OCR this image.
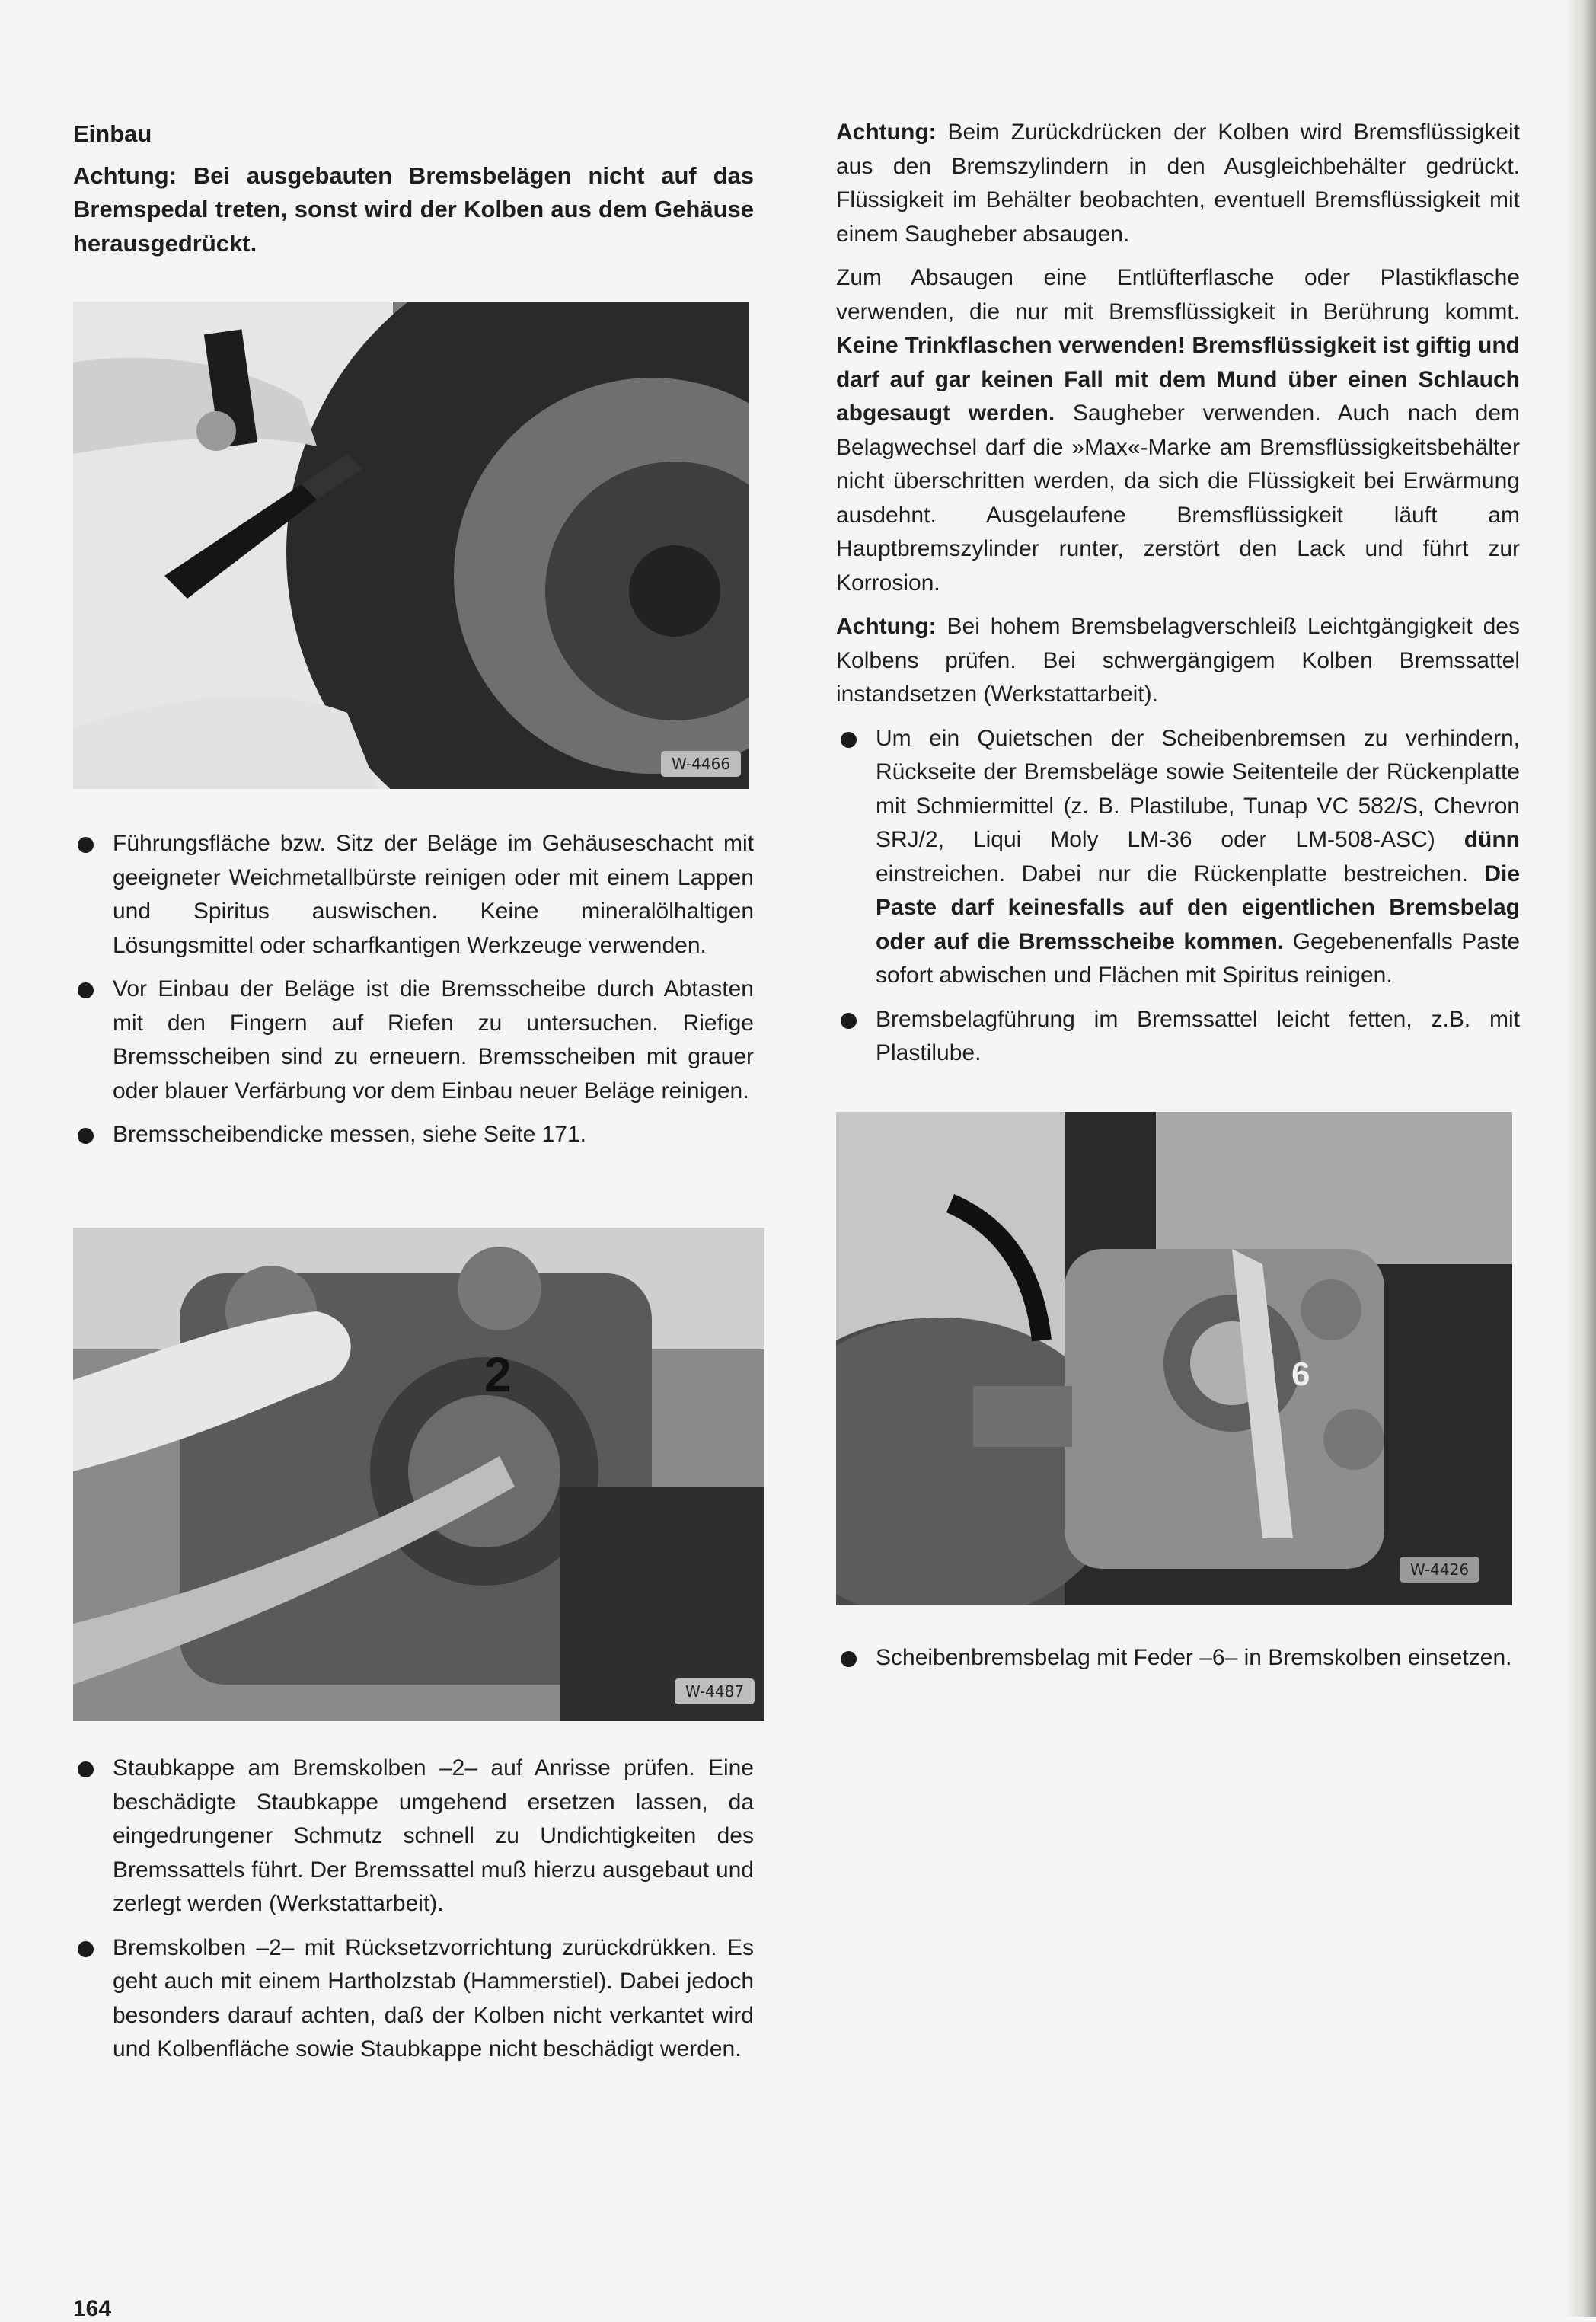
Einbau

Achtung: Bei ausgebauten Bremsbelägen nicht auf das Bremspedal treten, sonst wird der Kolben aus dem Gehäuse herausgedrückt.

W-4466
Führungsfläche bzw. Sitz der Beläge im Gehäuseschacht mit geeigneter Weichmetallbürste reinigen oder mit einem Lappen und Spiritus auswischen. Keine mineralölhaltigen Lösungsmittel oder scharfkantigen Werkzeuge verwenden.
Vor Einbau der Beläge ist die Bremsscheibe durch Abtasten mit den Fingern auf Riefen zu untersuchen. Riefige Bremsscheiben sind zu erneuern. Bremsscheiben mit grauer oder blauer Verfärbung vor dem Einbau neuer Beläge reinigen.
Bremsscheibendicke messen, siehe Seite 171.
2
W-4487
Staubkappe am Bremskolben –2– auf Anrisse prüfen. Eine beschädigte Staubkappe umgehend ersetzen lassen, da eingedrungener Schmutz schnell zu Undichtigkeiten des Bremssattels führt. Der Bremssattel muß hierzu ausgebaut und zerlegt werden (Werkstattarbeit).
Bremskolben –2– mit Rücksetzvorrichtung zurückdrükken. Es geht auch mit einem Hartholzstab (Hammerstiel). Dabei jedoch besonders darauf achten, daß der Kolben nicht verkantet wird und Kolbenfläche sowie Staubkappe nicht beschädigt werden.

Achtung: Beim Zurückdrücken der Kolben wird Bremsflüssigkeit aus den Bremszylindern in den Ausgleichbehälter gedrückt. Flüssigkeit im Behälter beobachten, eventuell Bremsflüssigkeit mit einem Saugheber absaugen.

Zum Absaugen eine Entlüfterflasche oder Plastikflasche verwenden, die nur mit Bremsflüssigkeit in Berührung kommt. Keine Trinkflaschen verwenden! Bremsflüssigkeit ist giftig und darf auf gar keinen Fall mit dem Mund über einen Schlauch abgesaugt werden. Saugheber verwenden. Auch nach dem Belagwechsel darf die »Max«-Marke am Bremsflüssigkeitsbehälter nicht überschritten werden, da sich die Flüssigkeit bei Erwärmung ausdehnt. Ausgelaufene Bremsflüssigkeit läuft am Hauptbremszylinder runter, zerstört den Lack und führt zur Korrosion.

Achtung: Bei hohem Bremsbelagverschleiß Leichtgängigkeit des Kolbens prüfen. Bei schwergängigem Kolben Bremssattel instandsetzen (Werkstattarbeit).

Um ein Quietschen der Scheibenbremsen zu verhindern, Rückseite der Bremsbeläge sowie Seitenteile der Rückenplatte mit Schmiermittel (z. B. Plastilube, Tunap VC 582/S, Chevron SRJ/2, Liqui Moly LM-36 oder LM-508-ASC) dünn einstreichen. Dabei nur die Rückenplatte bestreichen. Die Paste darf keinesfalls auf den eigentlichen Bremsbelag oder auf die Bremsscheibe kommen. Gegebenenfalls Paste sofort abwischen und Flächen mit Spiritus reinigen.
Bremsbelagführung im Bremssattel leicht fetten, z.B. mit Plastilube.
6
W-4426
Scheibenbremsbelag mit Feder –6– in Bremskolben einsetzen.
164
